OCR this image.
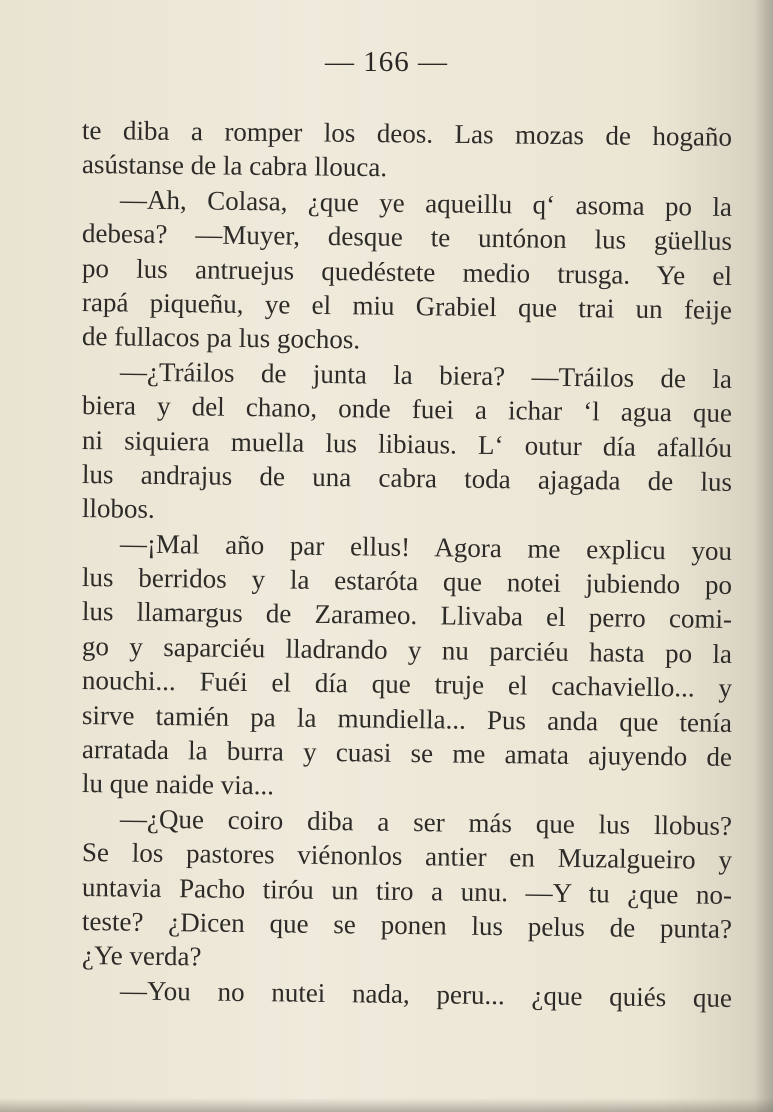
— 166 —
te diba a romper los deos. Las mozas de hogaño
asústanse de la cabra llouca.
—Ah, Colasa, ¿que ye aqueillu q‘ asoma po la
debesa? —Muyer, desque te untónon lus güellus
po lus antruejus quedéstete medio trusga. Ye el
rapá piqueñu, ye el miu Grabiel que trai un feije
de fullacos pa lus gochos.
—¿Tráilos de junta la biera? —Tráilos de la
biera y del chano, onde fuei a ichar ‘l agua que
ni siquiera muella lus libiaus. L‘ outur día afallóu
lus andrajus de una cabra toda ajagada de lus
llobos.
—¡Mal año par ellus! Agora me explicu you
lus berridos y la estaróta que notei jubiendo po
lus llamargus de Zarameo. Llivaba el perro comi-
go y saparciéu lladrando y nu parciéu hasta po la
nouchi... Fuéi el día que truje el cachaviello... y
sirve tamién pa la mundiella... Pus anda que tenía
arratada la burra y cuasi se me amata ajuyendo de
lu que naide via...
—¿Que coiro diba a ser más que lus llobus?
Se los pastores viénonlos antier en Muzalgueiro y
untavia Pacho tiróu un tiro a unu. —Y tu ¿que no-
teste? ¿Dicen que se ponen lus pelus de punta?
¿Ye verda?
—You no nutei nada, peru... ¿que quiés que
